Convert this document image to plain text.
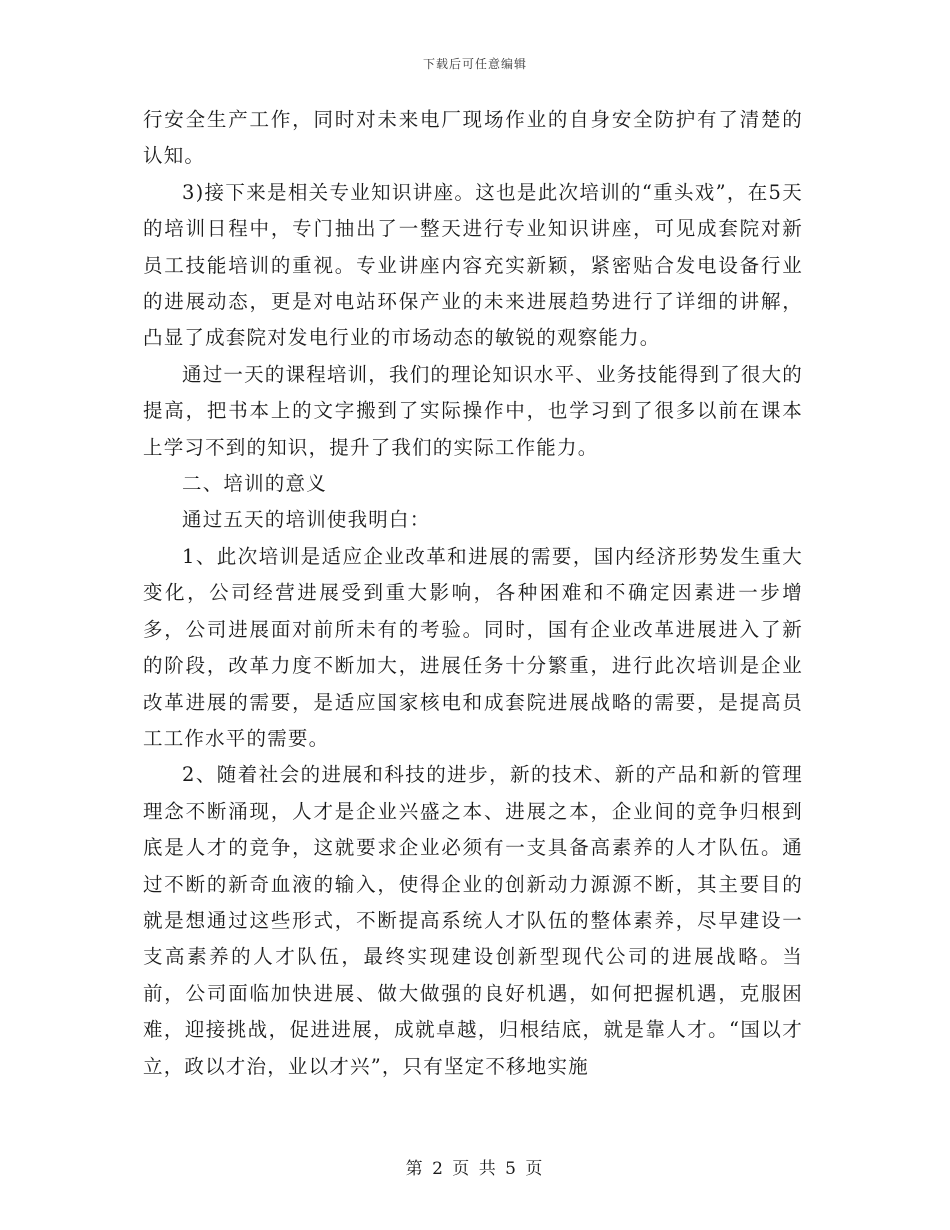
下载后可任意编辑

行安全生产工作，同时对未来电厂现场作业的自身安全防护有了清楚的认知。

3)接下来是相关专业知识讲座。这也是此次培训的“重头戏”，在5天的培训日程中，专门抽出了一整天进行专业知识讲座，可见成套院对新员工技能培训的重视。专业讲座内容充实新颖，紧密贴合发电设备行业的进展动态，更是对电站环保产业的未来进展趋势进行了详细的讲解，凸显了成套院对发电行业的市场动态的敏锐的观察能力。

通过一天的课程培训，我们的理论知识水平、业务技能得到了很大的提高，把书本上的文字搬到了实际操作中，也学习到了很多以前在课本上学习不到的知识，提升了我们的实际工作能力。

二、培训的意义

通过五天的培训使我明白：

1、此次培训是适应企业改革和进展的需要，国内经济形势发生重大变化，公司经营进展受到重大影响，各种困难和不确定因素进一步增多，公司进展面对前所未有的考验。同时，国有企业改革进展进入了新的阶段，改革力度不断加大，进展任务十分繁重，进行此次培训是企业改革进展的需要，是适应国家核电和成套院进展战略的需要，是提高员工工作水平的需要。

2、随着社会的进展和科技的进步，新的技术、新的产品和新的管理理念不断涌现，人才是企业兴盛之本、进展之本，企业间的竞争归根到底是人才的竞争，这就要求企业必须有一支具备高素养的人才队伍。通过不断的新奇血液的输入，使得企业的创新动力源源不断，其主要目的就是想通过这些形式，不断提高系统人才队伍的整体素养，尽早建设一支高素养的人才队伍，最终实现建设创新型现代公司的进展战略。当前，公司面临加快进展、做大做强的良好机遇，如何把握机遇，克服困难，迎接挑战，促进进展，成就卓越，归根结底，就是靠人才。“国以才立，政以才治，业以才兴”，只有坚定不移地实施

第 2 页 共 5 页
